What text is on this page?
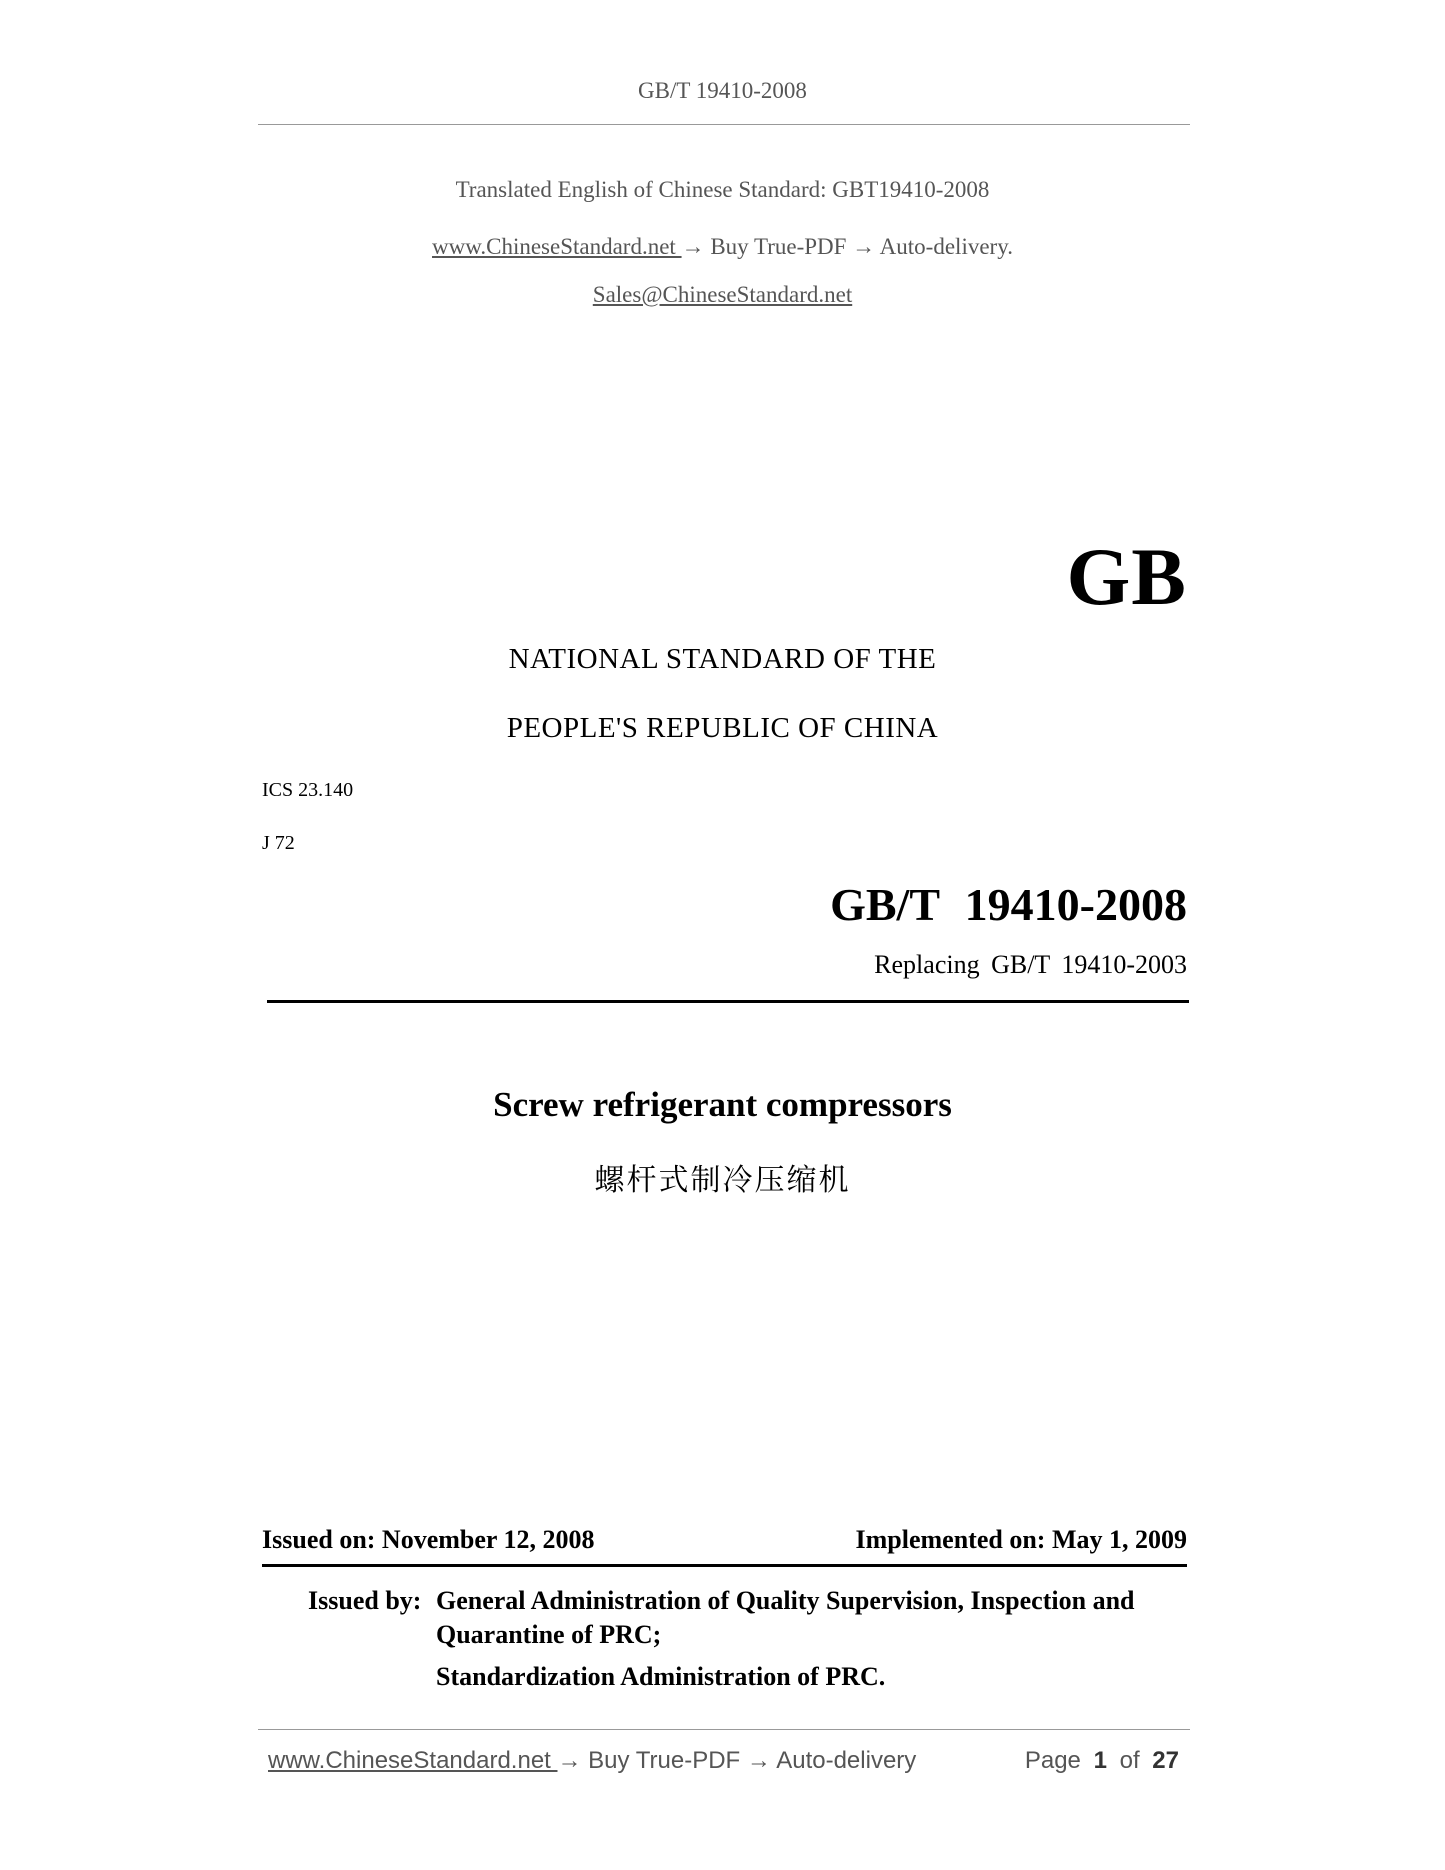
GB/T 19410-2008
Translated English of Chinese Standard: GBT19410-2008
www.ChineseStandard.net → Buy True-PDF → Auto-delivery.
Sales@ChineseStandard.net
GB
NATIONAL STANDARD OF THE
PEOPLE'S REPUBLIC OF CHINA
ICS 23.140
J 72
GB/T 19410-2008
Replacing GB/T 19410-2003
Screw refrigerant compressors
螺杆式制冷压缩机
Issued on: November 12, 2008	Implemented on: May 1, 2009
Issued by: General Administration of Quality Supervision, Inspection and
Quarantine of PRC;
Standardization Administration of PRC.
www.ChineseStandard.net → Buy True-PDF → Auto-delivery	Page 1 of 27
